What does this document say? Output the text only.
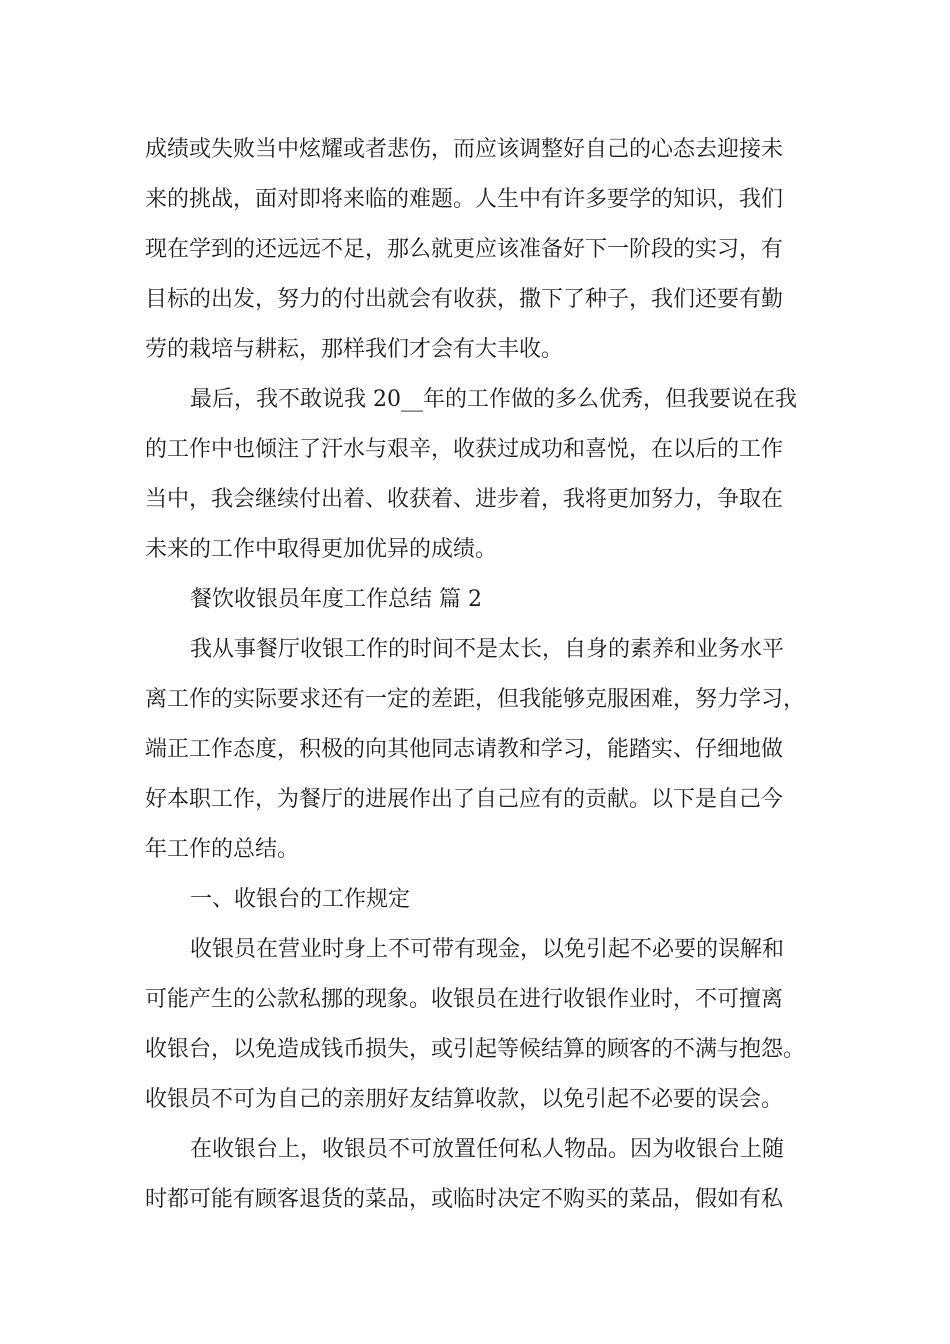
成绩或失败当中炫耀或者悲伤，而应该调整好自己的心态去迎接未
来的挑战，面对即将来临的难题。人生中有许多要学的知识，我们
现在学到的还远远不足，那么就更应该准备好下一阶段的实习，有
目标的出发，努力的付出就会有收获，撒下了种子，我们还要有勤
劳的栽培与耕耘，那样我们才会有大丰收。
最后，我不敢说我 20__年的工作做的多么优秀，但我要说在我
的工作中也倾注了汗水与艰辛，收获过成功和喜悦，在以后的工作
当中，我会继续付出着、收获着、进步着，我将更加努力，争取在
未来的工作中取得更加优异的成绩。
餐饮收银员年度工作总结 篇 2
我从事餐厅收银工作的时间不是太长，自身的素养和业务水平
离工作的实际要求还有一定的差距，但我能够克服困难，努力学习，
端正工作态度，积极的向其他同志请教和学习，能踏实、仔细地做
好本职工作，为餐厅的进展作出了自己应有的贡献。以下是自己今
年工作的总结。
一、收银台的工作规定
收银员在营业时身上不可带有现金，以免引起不必要的误解和
可能产生的公款私挪的现象。收银员在进行收银作业时，不可擅离
收银台，以免造成钱币损失，或引起等候结算的顾客的不满与抱怨。
收银员不可为自己的亲朋好友结算收款，以免引起不必要的误会。
在收银台上，收银员不可放置任何私人物品。因为收银台上随
时都可能有顾客退货的菜品，或临时决定不购买的菜品，假如有私
